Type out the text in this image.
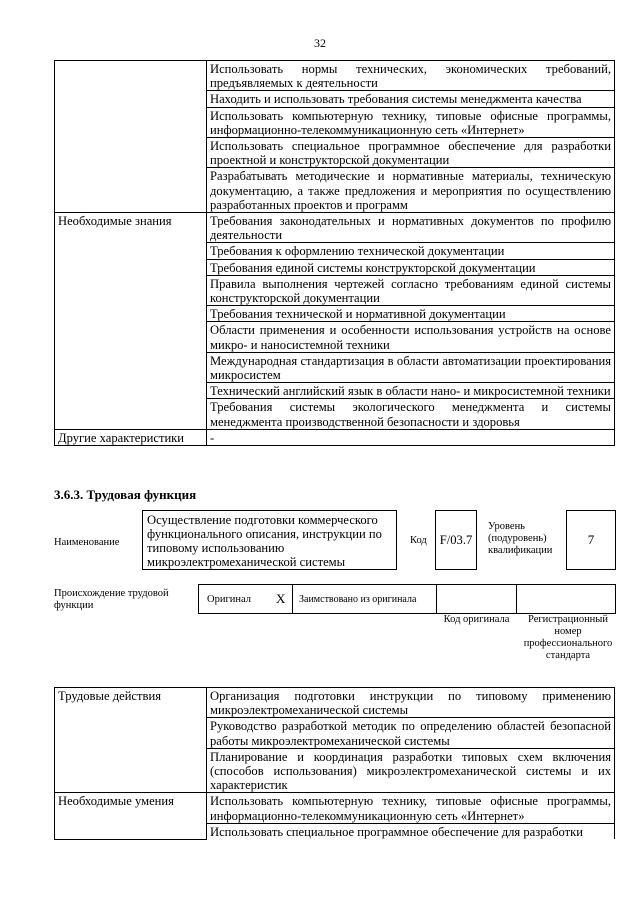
32
	Использовать нормы технических, экономических требований, предъявляемых к деятельности
	Находить и использовать требования системы менеджмента качества
	Использовать компьютерную технику, типовые офисные программы, информационно-телекоммуникационную сеть «Интернет»
	Использовать специальное программное обеспечение для разработки проектной и конструкторской документации
	Разрабатывать методические и нормативные материалы, техническую документацию, а также предложения и мероприятия по осуществлению разработанных проектов и программ
Необходимые знания	Требования законодательных и нормативных документов по профилю деятельности
	Требования к оформлению технической документации
	Требования единой системы конструкторской документации
	Правила выполнения чертежей согласно требованиям единой системы конструкторской документации
	Требования технической и нормативной документации
	Области применения и особенности использования устройств на основе микро- и наносистемной техники
	Международная стандартизация в области автоматизации проектирования микросистем
	Технический английский язык в области нано- и микросистемной техники
	Требования системы экологического менеджмента и системы менеджмента производственной безопасности и здоровья
Другие характеристики	-
3.6.3. Трудовая функция
Наименование
Осуществление подготовки коммерческого функционального описания, инструкции по типовому использованию микроэлектромеханической системы
Код F/03.7
Уровень (подуровень) квалификации
7
Происхождение трудовой функции
Оригинал X Заимствовано из оригинала
Код оригинала	Регистрационный номер профессионального стандарта
Трудовые действия	Организация подготовки инструкции по типовому применению микроэлектромеханической системы
	Руководство разработкой методик по определению областей безопасной работы микроэлектромеханической системы
	Планирование и координация разработки типовых схем включения (способов использования) микроэлектромеханической системы и их характеристик
Необходимые умения	Использовать компьютерную технику, типовые офисные программы, информационно-телекоммуникационную сеть «Интернет»
	Использовать специальное программное обеспечение для разработки
